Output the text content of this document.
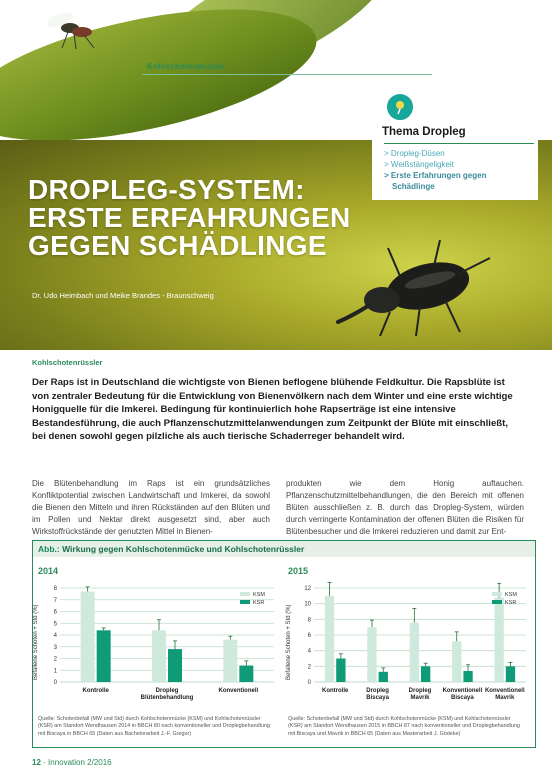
Kohlschotenmücke
Thema Dropleg
> Dropleg-Düsen
> Weißstängeligkeit
> Erste Erfahrungen gegen
Schädlinge
DROPLEG-SYSTEM:
ERSTE ERFAHRUNGEN
GEGEN SCHÄDLINGE
Dr. Udo Heimbach und Meike Brandes - Braunschweig
Kohlschotenrüssler
Der Raps ist in Deutschland die wichtigste von Bienen beflogene blühende Feldkultur. Die Rapsblüte ist von zentraler Bedeutung für die Entwicklung von Bienenvölkern nach dem Winter und eine erste wichtige Honigquelle für die Imkerei. Bedingung für kontinuierlich hohe Rapserträge ist eine intensive Bestandesführung, die auch Pflanzenschutzmittelanwendungen zum Zeitpunkt der Blüte mit einschließt, bei denen sowohl gegen pilzliche als auch tierische Schaderreger behandelt wird.
Die Blütenbehandlung im Raps ist ein grundsätzliches Konfliktpotential zwischen Landwirtschaft und Imkerei, da sowohl die Bienen den Mitteln und ihren Rückständen auf den Blüten und im Pollen und Nektar direkt ausgesetzt sind, aber auch Wirkstoffrückstände der genutzten Mittel in Bienen-
produkten wie dem Honig auftauchen. Pflanzenschutzmittelbehandlungen, die den Bereich mit offenen Blüten ausschließen z. B. durch das Dropleg-System, würden durch verringerte Kontamination der offenen Blüten die Risiken für Blütenbesucher und die Imkerei reduzieren und damit zur Ent-
Abb.: Wirkung gegen Kohlschotenmücke und Kohlschotenrüssler
2014	2015
Befallene Schoten + Std (%)	Befallene Schoten + Std (%)
0
1
2
3
4
5
6
7
8
Kontrolle	Dropleg
Blütenbehandlung
Konventionell
KSM
KSR
0
2
4
6
8
10
12
Kontrolle	Dropleg
Biscaya
Dropleg
Mavrik
Konventionell
Biscaya
Konventionell
Mavrik
KSM
KSR
Quelle: Schotenbefall (MW und Std) durch Kohlschotenmücke (KSM) und Kohlschotenrüssler (KSR) am Standort Wendhausen 2014 in BBCH 80 nach konventioneller und Droplegbehandlung mit Biscaya in BBCH 65 (Daten aus Bachelorarbeit J.-F. Gregor)
Quelle: Schotenbefall (MW und Std) durch Kohlschotenmücke (KSM) und Kohlschotenrüssler (KSR) am Standort Wendhausen 2015 in BBCH 87 nach konventioneller und Droplegbehandlung mit Biscaya und Mavrik in BBCH 65 (Daten aus Masterarbeit J. Gödeke)
12 · Innovation 2/2016
